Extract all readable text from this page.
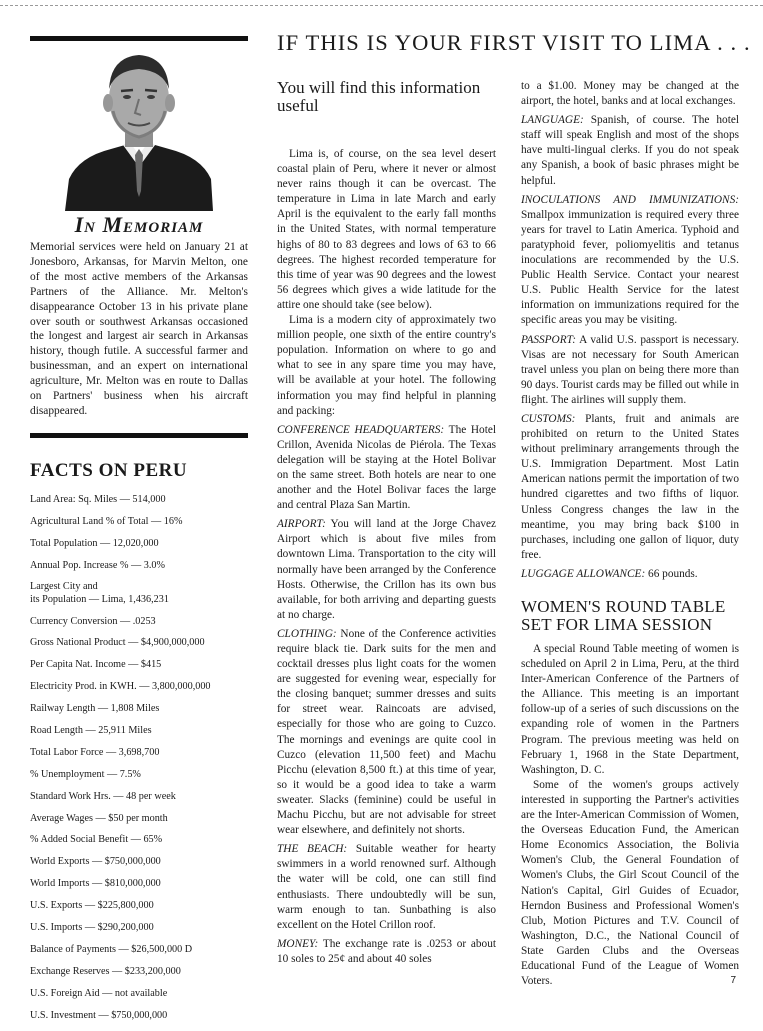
In Memoriam

Memorial services were held on January 21 at Jonesboro, Arkansas, for Marvin Melton, one of the most active members of the Arkansas Partners of the Alliance. Mr. Melton's disappearance October 13 in his private plane over south or southwest Arkansas occasioned the longest and largest air search in Arkansas history, though futile. A successful farmer and businessman, and an expert on international agriculture, Mr. Melton was en route to Dallas on Partners' business when his aircraft disappeared.

FACTS ON PERU
Land Area: Sq. Miles — 514,000
Agricultural Land % of Total — 16%
Total Population — 12,020,000
Annual Pop. Increase % — 3.0%
Largest City and
its Population — Lima, 1,436,231
Currency Conversion — .0253
Gross National Product — $4,900,000,000
Per Capita Nat. Income — $415
Electricity Prod. in KWH. — 3,800,000,000
Railway Length — 1,808 Miles
Road Length — 25,911 Miles
Total Labor Force — 3,698,700
% Unemployment — 7.5%
Standard Work Hrs. — 48 per week
Average Wages — $50 per month
% Added Social Benefit — 65%
World Exports — $750,000,000
World Imports — $810,000,000
U.S. Exports — $225,800,000
U.S. Imports — $290,200,000
Balance of Payments — $26,500,000 D
Exchange Reserves — $233,200,000
U.S. Foreign Aid — not available
U.S. Investment — $750,000,000
IF THIS IS YOUR FIRST VISIT TO LIMA . . .
You will find this information useful

Lima is, of course, on the sea level desert coastal plain of Peru, where it never or almost never rains though it can be overcast. The temperature in Lima in late March and early April is the equivalent to the early fall months in the United States, with normal temperature highs of 80 to 83 degrees and lows of 63 to 66 degrees. The highest recorded temperature for this time of year was 90 degrees and the lowest 56 degrees which gives a wide latitude for the attire one should take (see below).

Lima is a modern city of approximately two million people, one sixth of the entire country's population. Information on where to go and what to see in any spare time you may have, will be available at your hotel. The following information you may find helpful in planning and packing:

CONFERENCE HEADQUARTERS: The Hotel Crillon, Avenida Nicolas de Piérola. The Texas delegation will be staying at the Hotel Bolivar on the same street. Both hotels are near to one another and the Hotel Bolivar faces the large and central Plaza San Martin.

AIRPORT: You will land at the Jorge Chavez Airport which is about five miles from downtown Lima. Transportation to the city will normally have been arranged by the Conference Hosts. Otherwise, the Crillon has its own bus available, for both arriving and departing guests at no charge.

CLOTHING: None of the Conference activities require black tie. Dark suits for the men and cocktail dresses plus light coats for the women are suggested for evening wear, especially for the closing banquet; summer dresses and suits for street wear. Raincoats are advised, especially for those who are going to Cuzco. The mornings and evenings are quite cool in Cuzco (elevation 11,500 feet) and Machu Picchu (elevation 8,500 ft.) at this time of year, so it would be a good idea to take a warm sweater. Slacks (feminine) could be useful in Machu Picchu, but are not advisable for street wear elsewhere, and definitely not shorts.

THE BEACH: Suitable weather for hearty swimmers in a world renowned surf. Although the water will be cold, one can still find enthusiasts. There undoubtedly will be sun, warm enough to tan. Sunbathing is also excellent on the Hotel Crillon roof.

MONEY: The exchange rate is .0253 or about 10 soles to 25¢ and about 40 soles

to a $1.00. Money may be changed at the airport, the hotel, banks and at local exchanges.

LANGUAGE: Spanish, of course. The hotel staff will speak English and most of the shops have multi-lingual clerks. If you do not speak any Spanish, a book of basic phrases might be helpful.

INOCULATIONS AND IMMUNIZATIONS: Smallpox immunization is required every three years for travel to Latin America. Typhoid and paratyphoid fever, poliomyelitis and tetanus inoculations are recommended by the U.S. Public Health Service. Contact your nearest U.S. Public Health Service for the latest information on immunizations required for the specific areas you may be visiting.

PASSPORT: A valid U.S. passport is necessary. Visas are not necessary for South American travel unless you plan on being there more than 90 days. Tourist cards may be filled out while in flight. The airlines will supply them.

CUSTOMS: Plants, fruit and animals are prohibited on return to the United States without preliminary arrangements through the U.S. Immigration Department. Most Latin American nations permit the importation of two hundred cigarettes and two fifths of liquor. Unless Congress changes the law in the meantime, you may bring back $100 in purchases, including one gallon of liquor, duty free.

LUGGAGE ALLOWANCE: 66 pounds.

WOMEN'S ROUND TABLE SET FOR LIMA SESSION

A special Round Table meeting of women is scheduled on April 2 in Lima, Peru, at the third Inter-American Conference of the Partners of the Alliance. This meeting is an important follow-up of a series of such discussions on the expanding role of women in the Partners Program. The previous meeting was held on February 1, 1968 in the State Department, Washington, D. C.

Some of the women's groups actively interested in supporting the Partner's activities are the Inter-American Commission of Women, the Overseas Education Fund, the American Home Economics Association, the Bolivia Women's Club, the General Foundation of Women's Clubs, the Girl Scout Council of the Nation's Capital, Girl Guides of Ecuador, Herndon Business and Professional Women's Club, Motion Pictures and T.V. Council of Washington, D.C., the National Council of State Garden Clubs and the Overseas Educational Fund of the League of Women Voters.	7
